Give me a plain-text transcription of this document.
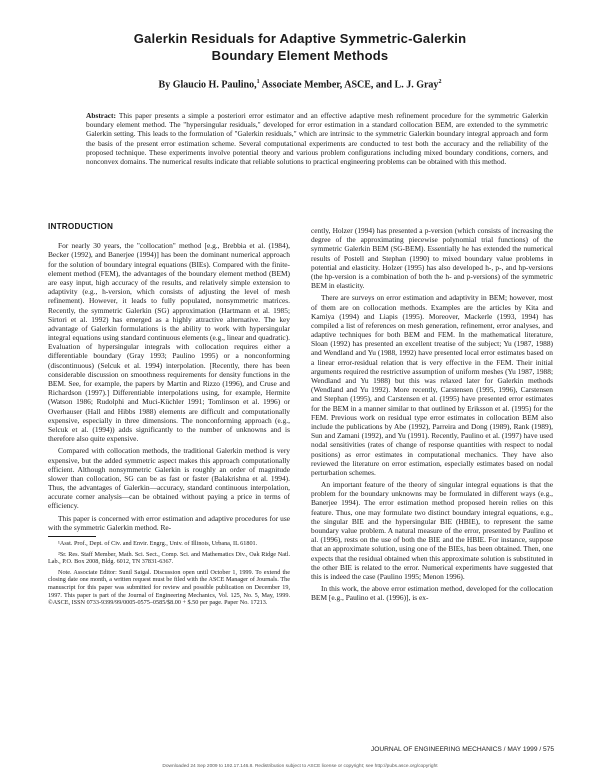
Galerkin Residuals for Adaptive Symmetric-Galerkin
Boundary Element Methods
By Glaucio H. Paulino,$^1$ Associate Member, ASCE, and L. J. Gray$^2$
Abstract: This paper presents a simple a posteriori error estimator and an effective adaptive mesh refinement procedure for the symmetric Galerkin boundary element method. The "hypersingular residuals," developed for error estimation in a standard collocation BEM, are extended to the symmetric Galerkin setting. This leads to the formulation of "Galerkin residuals," which are intrinsic to the symmetric Galerkin boundary integral approach and form the basis of the present error estimation scheme. Several computational experiments are conducted to test both the accuracy and the reliability of the proposed technique. These experiments involve potential theory and various problem configurations including mixed boundary conditions, corners, and nonconvex domains. The numerical results indicate that reliable solutions to practical engineering problems can be obtained with this method.
INTRODUCTION

For nearly 30 years, the "collocation" method [e.g., Brebbia et al. (1984), Becker (1992), and Banerjee (1994)] has been the dominant numerical approach for the solution of boundary integral equations (BIEs). Compared with the finite-element method (FEM), the advantages of the boundary element method (BEM) are easy input, high accuracy of the results, and relatively simple extension to adaptivity (e.g., h-version, which consists of adjusting the level of mesh refinement). However, it leads to fully populated, nonsymmetric matrices. Recently, the symmetric Galerkin (SG) approximation (Hartmann et al. 1985; Sirtori et al. 1992) has emerged as a highly attractive alternative. The key advantage of Galerkin formulations is the ability to work with hypersingular integral equations using standard continuous elements (e.g., linear and quadratic). Evaluation of hypersingular integrals with collocation requires either a differentiable boundary (Gray 1993; Paulino 1995) or a nonconforming (discontinuous) (Selcuk et al. 1994) interpolation. [Recently, there has been considerable discussion on smoothness requirements for density functions in the BEM. See, for example, the papers by Martin and Rizzo (1996), and Cruse and Richardson (1997).] Differentiable interpolations using, for example, Hermite (Watson 1986; Rudolphi and Muci-Küchler 1991; Tomlinson et al. 1996) or Overhauser (Hall and Hibbs 1988) elements are difficult and computationally expensive, especially in three dimensions. The nonconforming approach (e.g., Selcuk et al. (1994)) adds significantly to the number of unknowns and is therefore also quite expensive.

Compared with collocation methods, the traditional Galerkin method is very expensive, but the added symmetric aspect makes this approach computationally efficient. Although nonsymmetric Galerkin is roughly an order of magnitude slower than collocation, SG can be as fast or faster (Balakrishna et al. 1994). Thus, the advantages of Galerkin—accuracy, standard continuous interpolation, accurate corner analysis—can be obtained without paying a price in terms of efficiency.

This paper is concerned with error estimation and adaptive procedures for use with the symmetric Galerkin method. Re-

¹Asst. Prof., Dept. of Civ. and Envir. Engrg., Univ. of Illinois, Urbana, IL 61801.

²Sr. Res. Staff Member, Math. Sci. Sect., Comp. Sci. and Mathematics Div., Oak Ridge Natl. Lab., P.O. Box 2008, Bldg. 6012, TN 37831-6367.

Note. Associate Editor: Sunil Saigal. Discussion open until October 1, 1999. To extend the closing date one month, a written request must be filed with the ASCE Manager of Journals. The manuscript for this paper was submitted for review and possible publication on December 19, 1997. This paper is part of the Journal of Engineering Mechanics, Vol. 125, No. 5, May, 1999. ©ASCE, ISSN 0733-9399/99/0005-0575–0585/$8.00 + $.50 per page. Paper No. 17213.

cently, Holzer (1994) has presented a p-version (which consists of increasing the degree of the approximating piecewise polynomial trial functions) of the symmetric Galerkin BEM (SG-BEM). Essentially he has extended the numerical results of Postell and Stephan (1990) to mixed boundary value problems in potential and elasticity. Holzer (1995) has also developed h-, p-, and hp-versions (the hp-version is a combination of both the h- and p-versions) of the symmetric BEM in elasticity.

There are surveys on error estimation and adaptivity in BEM; however, most of them are on collocation methods. Examples are the articles by Kita and Kamiya (1994) and Liapis (1995). Moreover, Mackerle (1993, 1994) has compiled a list of references on mesh generation, refinement, error analyses, and adaptive techniques for both BEM and FEM. In the mathematical literature, Sloan (1992) has presented an excellent treatise of the subject; Yu (1987, 1988) and Wendland and Yu (1988, 1992) have presented local error estimates based on a linear error-residual relation that is very effective in the FEM. Their initial arguments required the restrictive assumption of uniform meshes (Yu 1987, 1988; Wendland and Yu 1988) but this was relaxed later for Galerkin methods (Wendland and Yu 1992). More recently, Carstensen (1995, 1996), Carstensen and Stephan (1995), and Carstensen et al. (1995) have presented error estimates for the BEM in a manner similar to that outlined by Eriksson et al. (1995) for the FEM. Previous work on residual type error estimates in collocation BEM also include the publications by Abe (1992), Parreira and Dong (1989), Rank (1989), Sun and Zamani (1992), and Yu (1991). Recently, Paulino et al. (1997) have used nodal sensitivities (rates of change of response quantities with respect to nodal positions) as error estimates in computational mechanics. They have also reviewed the literature on error estimation, especially estimates based on nodal perturbation schemes.

An important feature of the theory of singular integral equations is that the problem for the boundary unknowns may be formulated in different ways (e.g., Banerjee 1994). The error estimation method proposed herein relies on this feature. Thus, one may formulate two distinct boundary integral equations, e.g., the singular BIE and the hypersingular BIE (HBIE), to represent the same boundary value problem. A natural measure of the error, presented by Paulino et al. (1996), rests on the use of both the BIE and the HBIE. For instance, suppose that an approximate solution, using one of the BIEs, has been obtained. Then, one expects that the residual obtained when this approximate solution is substituted in the other BIE is related to the error. Numerical experiments have suggested that this is indeed the case (Paulino 1995; Menon 1996).

In this work, the above error estimation method, developed for the collocation BEM [e.g., Paulino et al. (1996)], is ex-

JOURNAL OF ENGINEERING MECHANICS / MAY 1999 / 575
Downloaded 24 Sep 2009 to 192.17.146.8. Redistribution subject to ASCE license or copyright; see http://pubs.asce.org/copyright
